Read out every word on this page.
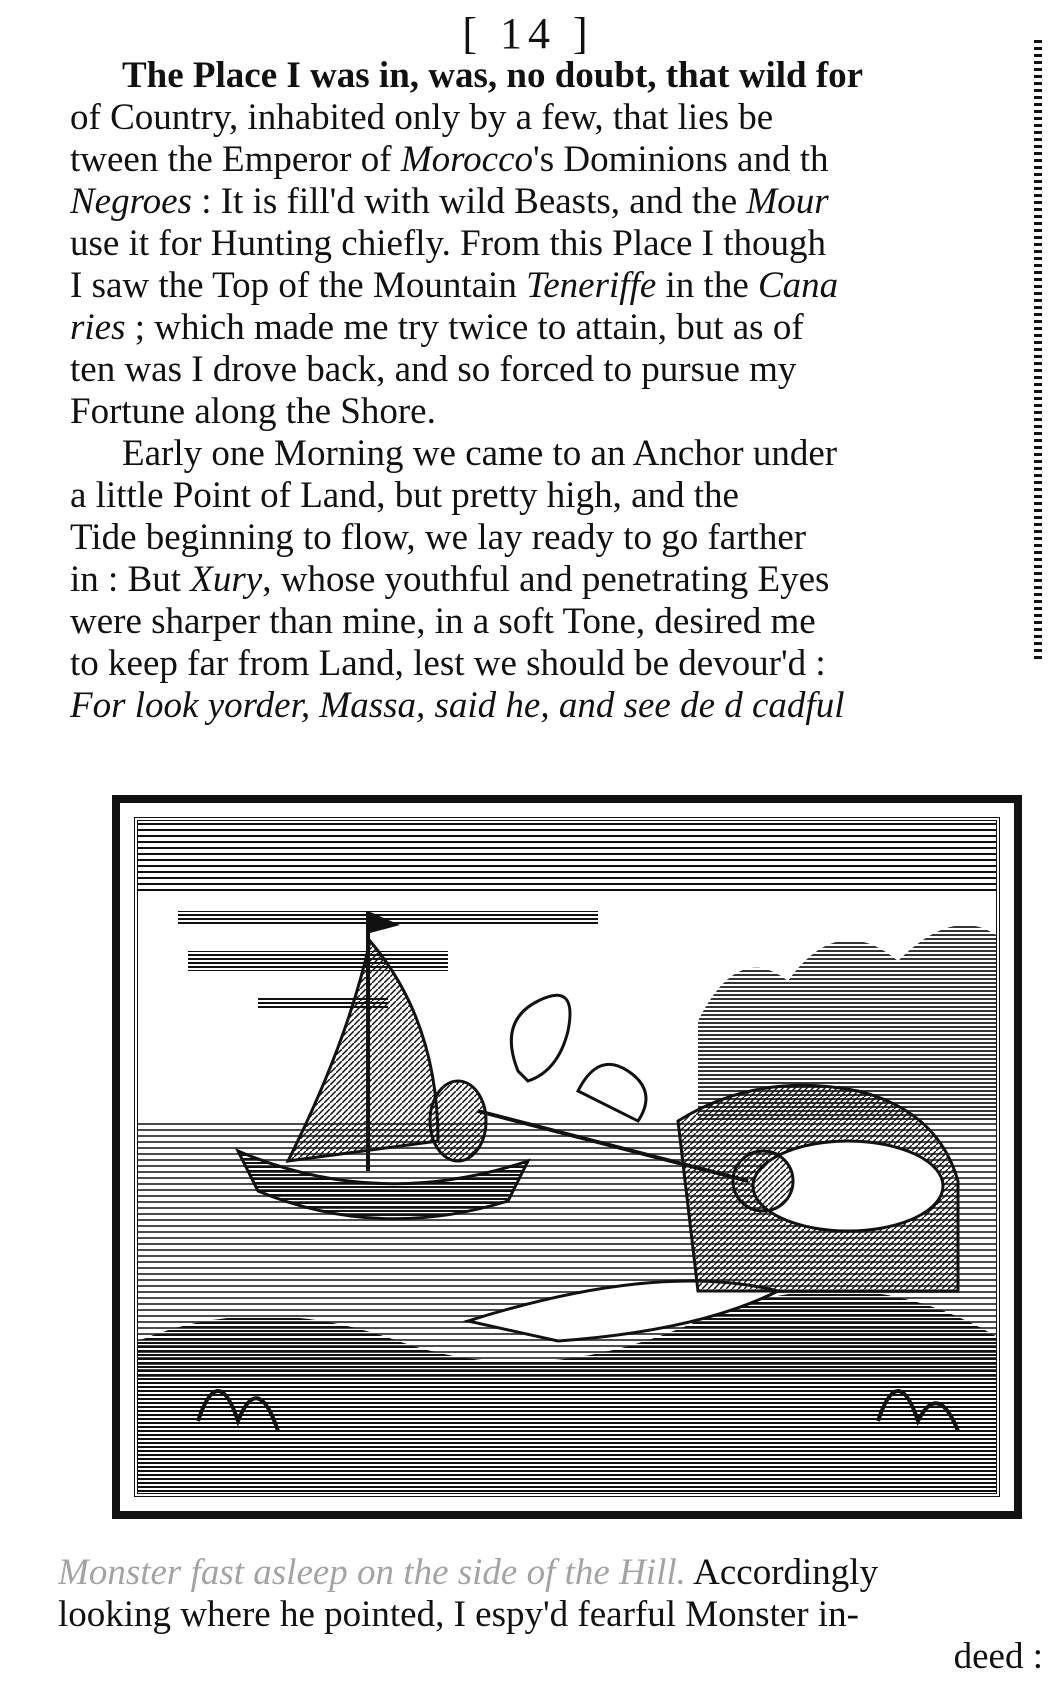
[ 14 ]
The Place I was in, was, no doubt, that wild for
of Country, inhabited only by a few, that lies be
tween the Emperor of Morocco's Dominions and th
Negroes : It is fill'd with wild Beasts, and the Mour
use it for Hunting chiefly. From this Place I though
I saw the Top of the Mountain Teneriffe in the Cana
ries ; which made me try twice to attain, but as of
ten was I drove back, and so forced to pursue my
Fortune along the Shore.
Early one Morning we came to an Anchor under
a little Point of Land, but pretty high, and the
Tide beginning to flow, we lay ready to go farther
in : But Xury, whose youthful and penetrating Eyes
were sharper than mine, in a soft Tone, desired me
to keep far from Land, lest we should be devour'd :
For look yorder, Massa, said he, and see de d cadful
Monster fast asleep on the side of the Hill. Accordingly
looking where he pointed, I espy'd fearful Monster in-
deed :
